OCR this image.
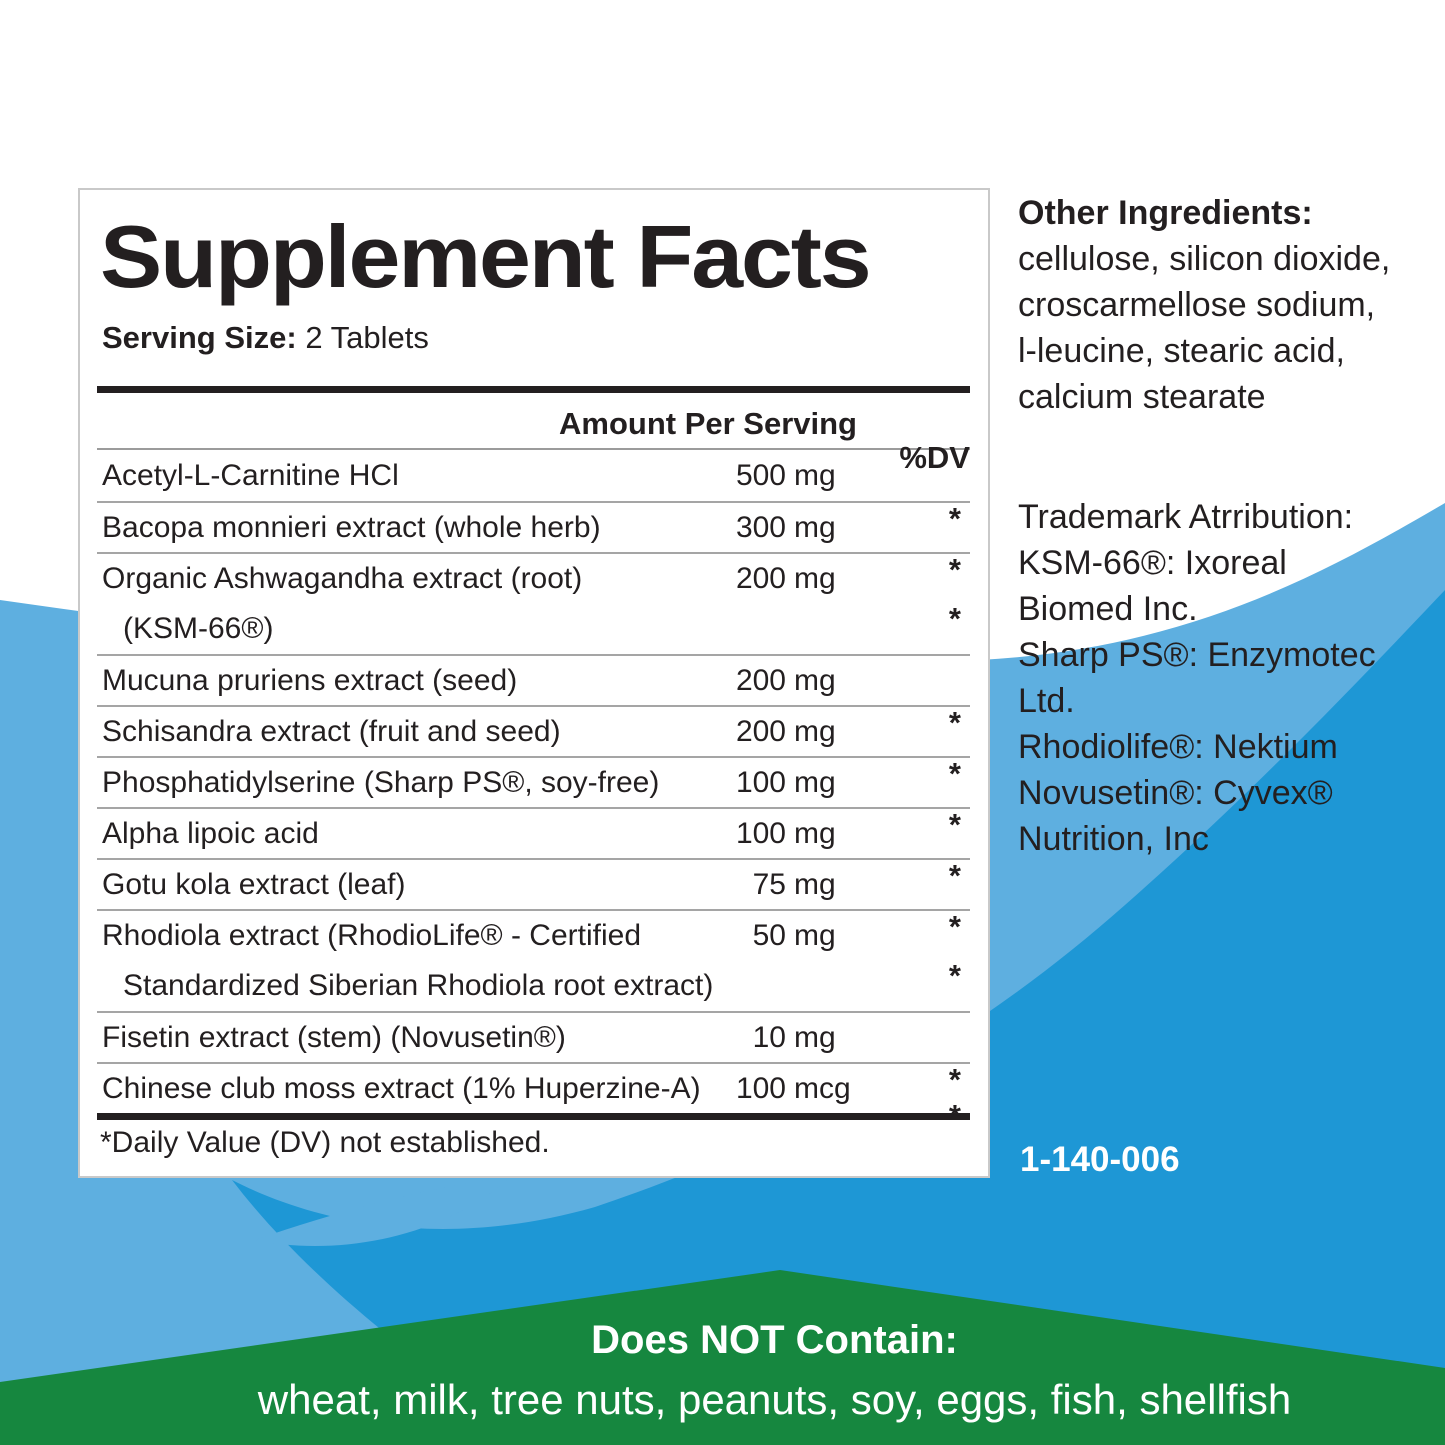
Supplement Facts
Serving Size: 2 Tablets
Amount Per Serving
%DV
Acetyl-L-Carnitine HCl	500 mg
Bacopa monnieri extract (whole herb)	300 mg	*
Organic Ashwagandha extract (root)	200 mg	*
(KSM-66®)	*
Mucuna pruriens extract (seed)	200 mg
Schisandra extract (fruit and seed)	200 mg	*
Phosphatidylserine (Sharp PS®, soy-free)	100 mg	*
Alpha lipoic acid	100 mg	*
Gotu kola extract (leaf)	75 mg	*
Rhodiola extract (RhodioLife® - Certified	50 mg	*
Standardized Siberian Rhodiola root extract)	*
Fisetin extract (stem) (Novusetin®)	10 mg
Chinese club moss extract (1% Huperzine-A) 100 mcg	*
*
*Daily Value (DV) not established.
Other Ingredients:
cellulose, silicon dioxide,
croscarmellose sodium,
l-leucine, stearic acid,
calcium stearate
Trademark Atrribution:
KSM-66®: Ixoreal
Biomed Inc.
Sharp PS®: Enzymotec Ltd.
Rhodiolife®: Nektium
Novusetin®: Cyvex®
Nutrition, Inc
1-140-006
Does NOT Contain:
wheat, milk, tree nuts, peanuts, soy, eggs, fish, shellfish
